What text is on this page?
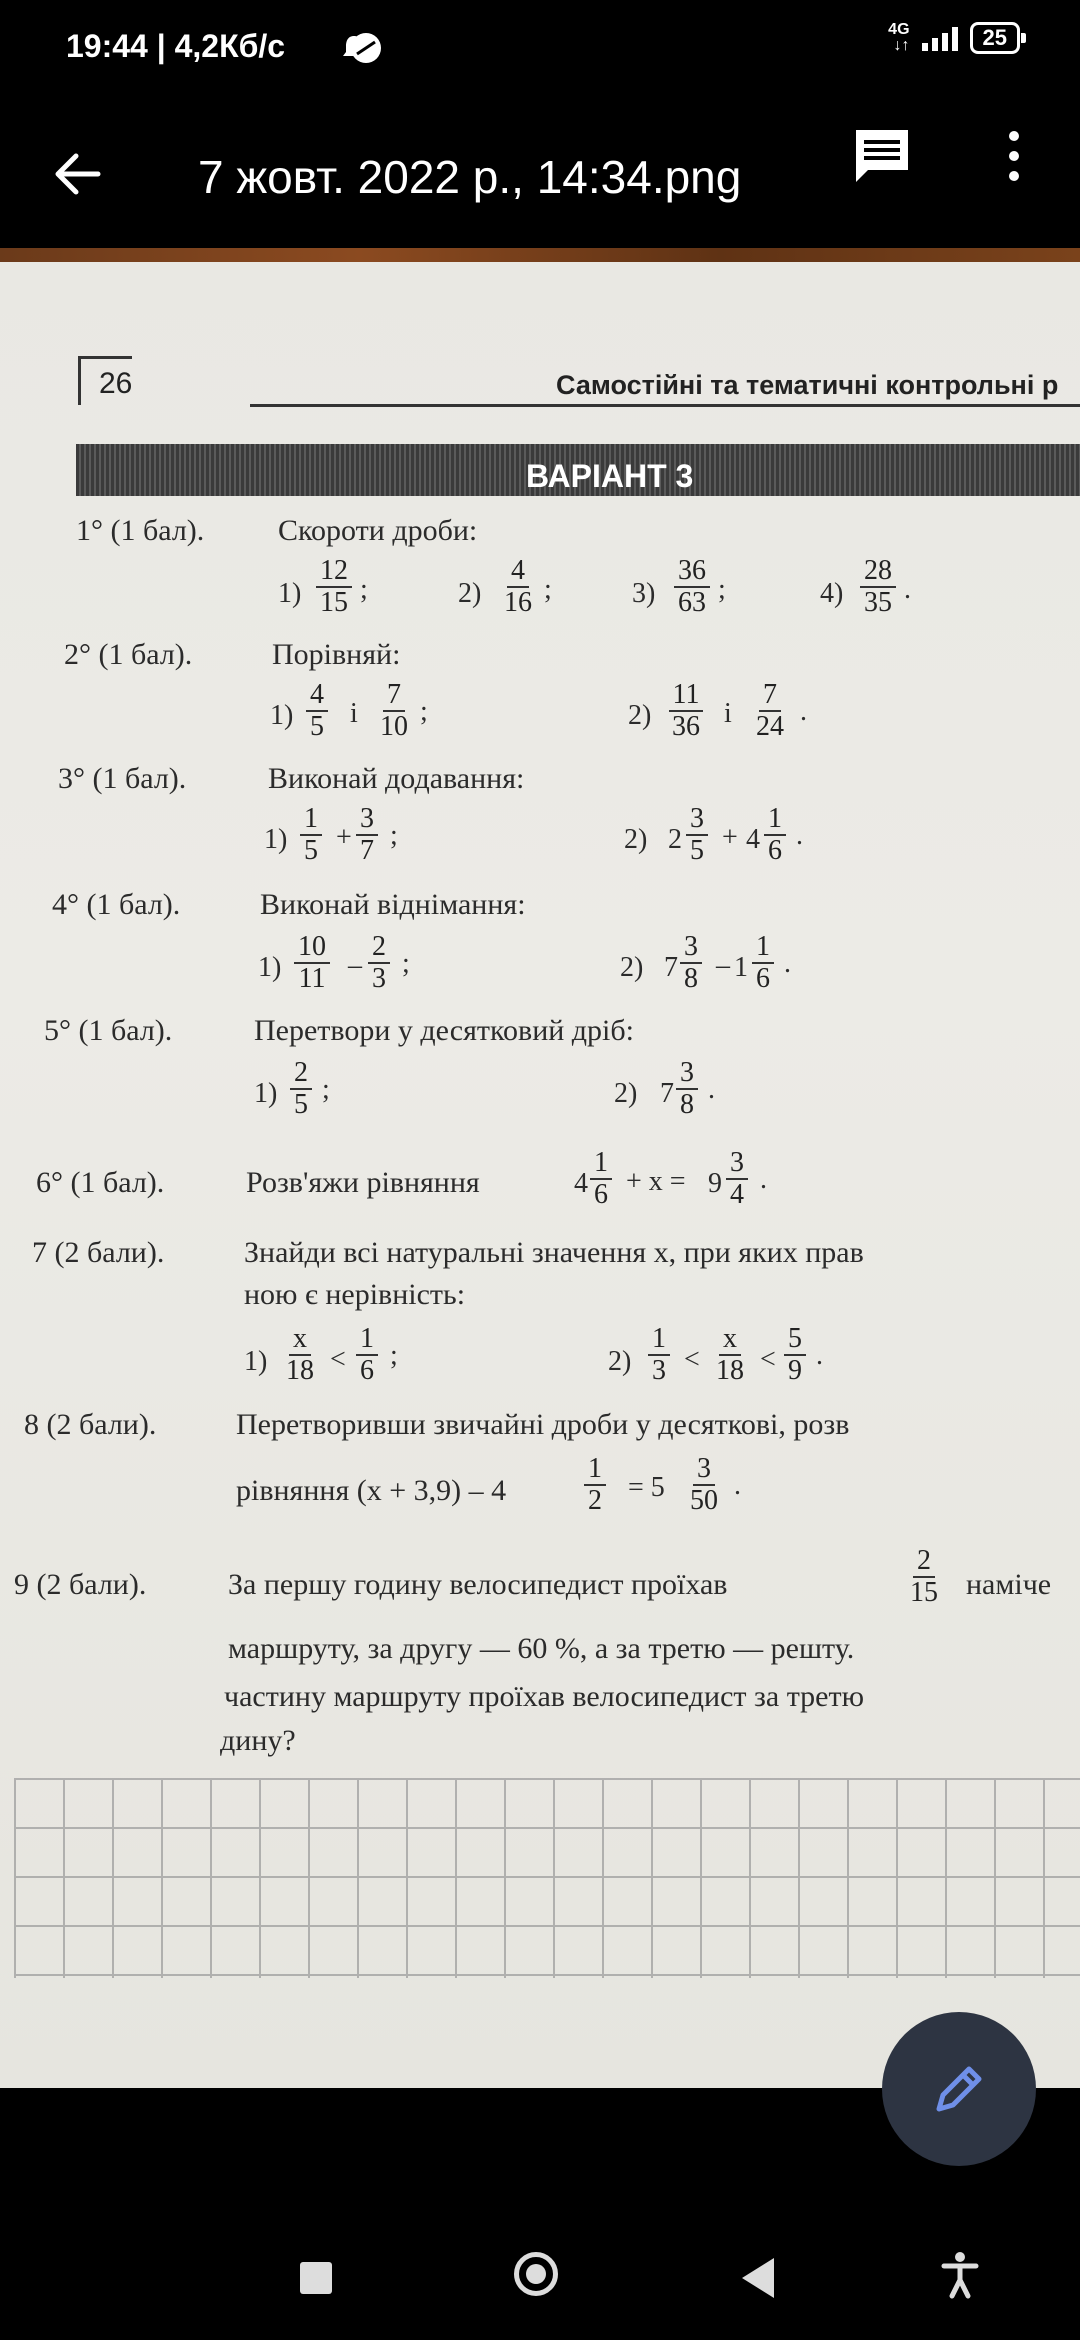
19:44 | 4,2Кб/с	4G
↓↑	25
7 жовт. 2022 р., 14:34.png
26	Самостійні та тематичні контрольні р
ВАРІАНТ 3
1° (1 бал). Скороти дроби:
$1) \frac{12}{15}$ ;	$2) \frac{4}{16}$ ;	$3) \frac{36}{63}$ ;	$4) \frac{28}{35}$ .
2° (1 бал).	Порівняй:
$1) \frac{4}{5}$ і $\frac{7}{10}$ ;	$2) \frac{11}{36}$ і $\frac{7}{24}$ .
3° (1 бал).	Виконай додавання:
$1) \frac{1}{5} + \frac{3}{7}$ ;	2) $2 \frac{3}{5} + 4 \frac{1}{6}$ .
4° (1 бал).	Виконай віднімання:
$1) \frac{10}{11} - \frac{2}{3}$ ;	2) $7 \frac{3}{8} - 1 \frac{1}{6}$ .
5° (1 бал).	Перетвори у десятковий дріб:
$1) \frac{2}{5}$ ;	2) $7 \frac{3}{8}$ .
6° (1 бал).	Розв'яжи рівняння	$4 \frac{1}{6} + x = 9 \frac{3}{4}$ .
7 (2 бали).	Знайди всі натуральні значення x, при яких прав
ною є нерівність:
$1) \frac{x}{18} < \frac{1}{6}$ ;	$2) \frac{1}{3} < \frac{x}{18} < \frac{5}{9}$ .
8 (2 бали).	Перетворивши звичайні дроби у десяткові, розв
рівняння (x + 3,9) – 4	$\frac{1}{2} = 5 \frac{3}{50}$ .
9 (2 бали).	За першу годину велосипедист проїхав	$\frac{2}{15}$ наміче
маршруту, за другу — 60 %, а за третю — решту.
частину маршруту проїхав велосипедист за третю
дину?
